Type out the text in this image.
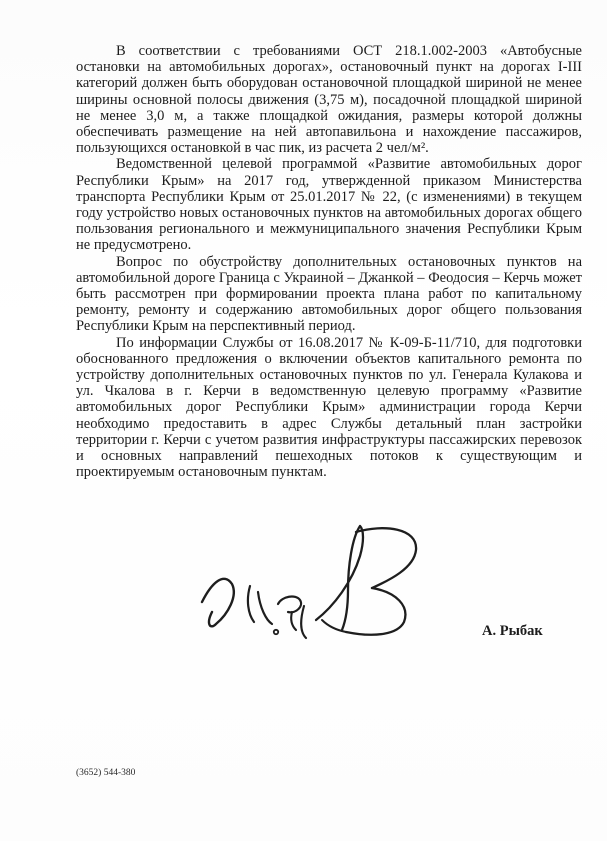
В соответствии с требованиями ОСТ 218.1.002-2003 «Автобусные остановки на автомобильных дорогах», остановочный пункт на дорогах I-III категорий должен быть оборудован остановочной площадкой шириной не менее ширины основной полосы движения (3,75 м), посадочной площадкой шириной не менее 3,0 м, а также площадкой ожидания, размеры которой должны обеспечивать размещение на ней автопавильона и нахождение пассажиров, пользующихся остановкой в час пик, из расчета 2 чел/м².

Ведомственной целевой программой «Развитие автомобильных дорог Республики Крым» на 2017 год, утвержденной приказом Министерства транспорта Республики Крым от 25.01.2017 № 22, (с изменениями) в текущем году устройство новых остановочных пунктов на автомобильных дорогах общего пользования регионального и межмуниципального значения Республики Крым не предусмотрено.

Вопрос по обустройству дополнительных остановочных пунктов на автомобильной дороге Граница с Украиной – Джанкой – Феодосия – Керчь может быть рассмотрен при формировании проекта плана работ по капитальному ремонту, ремонту и содержанию автомобильных дорог общего пользования Республики Крым на перспективный период.

По информации Службы от 16.08.2017 № К-09-Б-11/710, для подготовки обоснованного предложения о включении объектов капитального ремонта по устройству дополнительных остановочных пунктов по ул. Генерала Кулакова и ул. Чкалова в г. Керчи в ведомственную целевую программу «Развитие автомобильных дорог Республики Крым» администрации города Керчи необходимо предоставить в адрес Службы детальный план застройки территории г. Керчи с учетом развития инфраструктуры пассажирских перевозок и основных направлений пешеходных потоков к существующим и проектируемым остановочным пунктам.

А. Рыбак
(3652) 544-380
